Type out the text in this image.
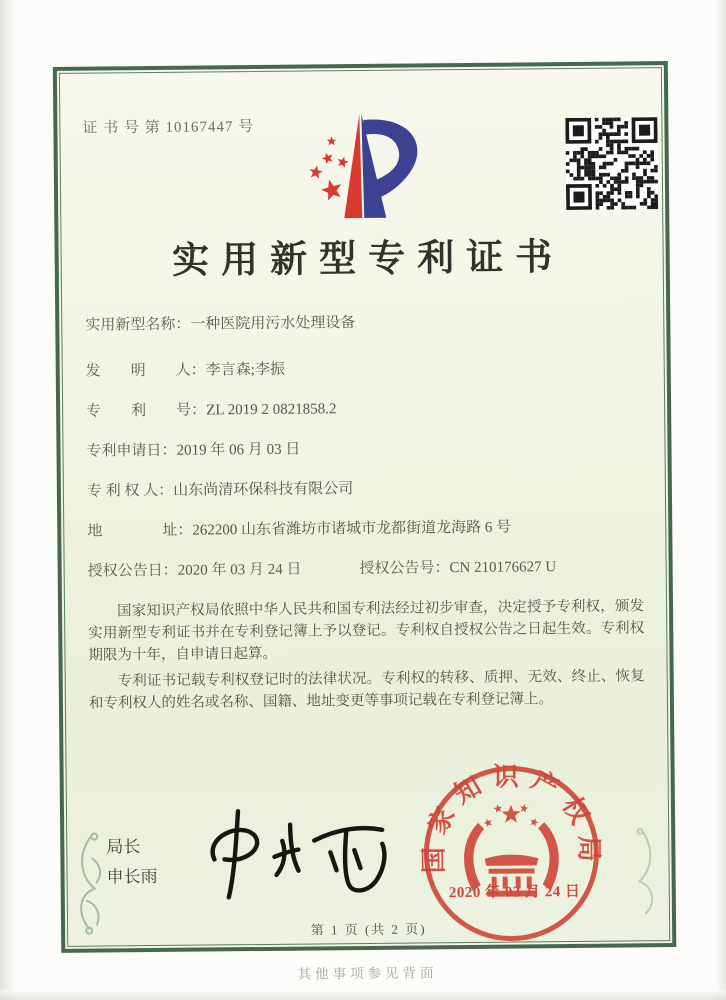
证 书 号 第 10167447 号
实用新型专利证书
实用新型名称： 一种医院用污水处理设备
发　　明　　人： 李言森;李振
专　　利　　号： ZL 2019 2 0821858.2
专利申请日： 2019 年 06 月 03 日
专 利 权 人： 山东尚清环保科技有限公司
地　　　　址： 262200 山东省潍坊市诸城市龙都街道龙海路 6 号
授权公告日： 2020 年 03 月 24 日	授权公告号： CN 210176627 U

国家知识产权局依照中华人民共和国专利法经过初步审查，决定授予专利权，颁发实用新型专利证书并在专利登记簿上予以登记。专利权自授权公告之日起生效。专利权期限为十年，自申请日起算。

专利证书记载专利权登记时的法律状况。专利权的转移、质押、无效、终止、恢复和专利权人的姓名或名称、国籍、地址变更等事项记载在专利登记簿上。

局长
申长雨
国家知识产权局
2020 年 03 月 24 日
第 1 页 (共 2 页)
其他事项参见背面
